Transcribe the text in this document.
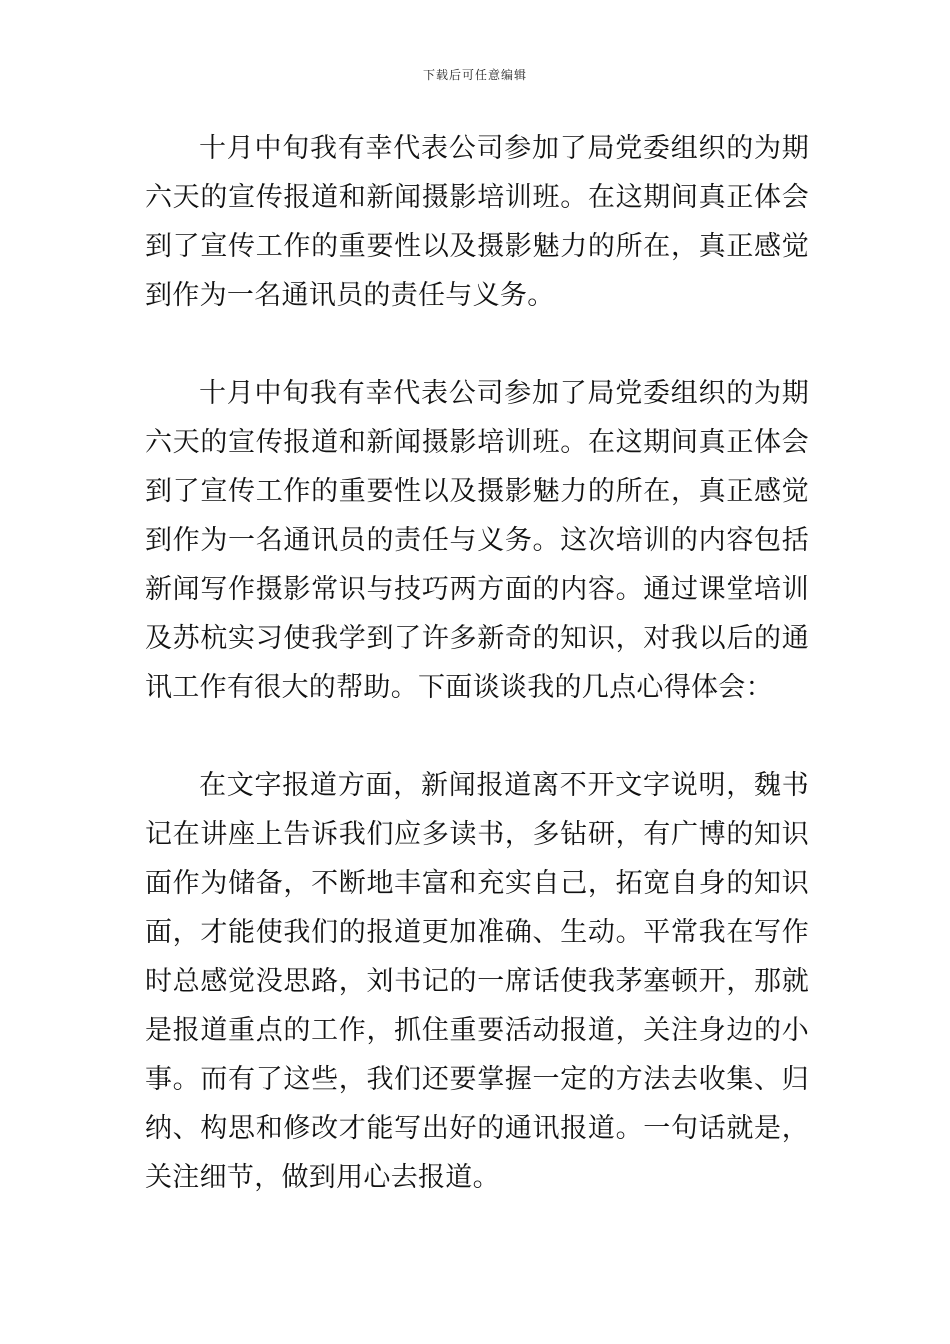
下载后可任意编辑

十月中旬我有幸代表公司参加了局党委组织的为期六天的宣传报道和新闻摄影培训班。在这期间真正体会到了宣传工作的重要性以及摄影魅力的所在，真正感觉到作为一名通讯员的责任与义务。

十月中旬我有幸代表公司参加了局党委组织的为期六天的宣传报道和新闻摄影培训班。在这期间真正体会到了宣传工作的重要性以及摄影魅力的所在，真正感觉到作为一名通讯员的责任与义务。这次培训的内容包括新闻写作摄影常识与技巧两方面的内容。通过课堂培训及苏杭实习使我学到了许多新奇的知识，对我以后的通讯工作有很大的帮助。下面谈谈我的几点心得体会：

在文字报道方面，新闻报道离不开文字说明，魏书记在讲座上告诉我们应多读书，多钻研，有广博的知识面作为储备，不断地丰富和充实自己，拓宽自身的知识面，才能使我们的报道更加准确、生动。平常我在写作时总感觉没思路，刘书记的一席话使我茅塞顿开，那就是报道重点的工作，抓住重要活动报道，关注身边的小事。而有了这些，我们还要掌握一定的方法去收集、归纳、构思和修改才能写出好的通讯报道。一句话就是，关注细节，做到用心去报道。
